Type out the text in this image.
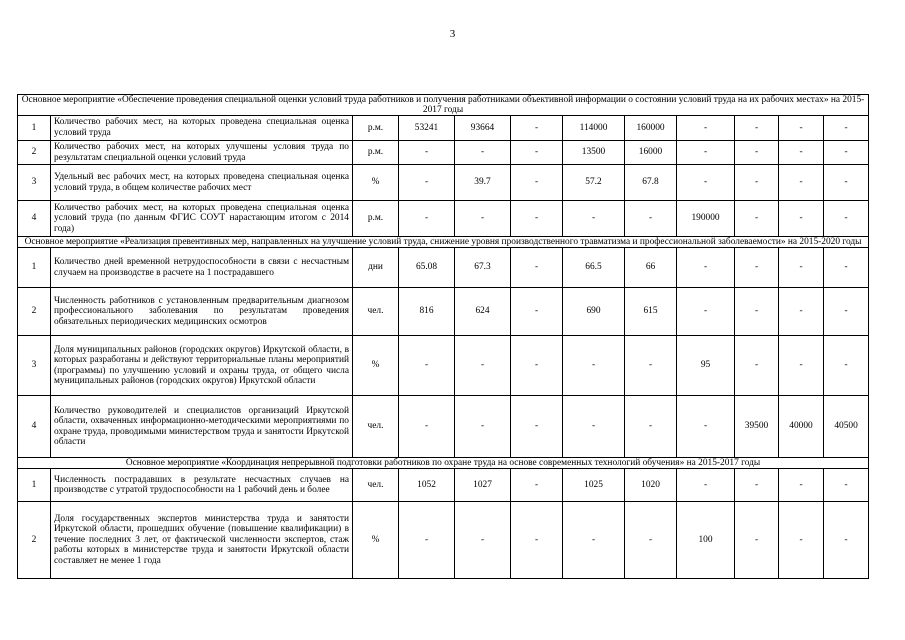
3
Основное мероприятие «Обеспечение проведения специальной оценки условий труда работников и получения работниками объективной информации о состоянии условий труда на их рабочих местах» на 2015-2017 годы											
1	Количество рабочих мест, на которых проведена специальная оценка условий труда	р.м.	53241	93664	-	114000	160000	-	-	-	-
2	Количество рабочих мест, на которых улучшены условия труда по результатам специальной оценки условий труда	р.м.	-	-	-	13500	16000	-	-	-	-
3	Удельный вес рабочих мест, на которых проведена специальная оценка условий труда, в общем количестве рабочих мест	%	-	39.7	-	57.2	67.8	-	-	-	-
4	Количество рабочих мест, на которых проведена специальная оценка условий труда (по данным ФГИС СОУТ нарастающим итогом с 2014 года)	р.м.	-	-	-	-	-	190000	-	-	-
Основное мероприятие «Реализация превентивных мер, направленных на улучшение условий труда, снижение уровня производственного травматизма и профессиональной заболеваемости» на 2015-2020 годы											
1	Количество дней временной нетрудоспособности в связи с несчастным случаем на производстве в расчете на 1 пострадавшего	дни	65.08	67.3	-	66.5	66	-	-	-	-
2	Численность работников с установленным предварительным диагнозом профессионального заболевания по результатам проведения обязательных периодических медицинских осмотров	чел.	816	624	-	690	615	-	-	-	-
3	Доля муниципальных районов (городских округов) Иркутской области, в которых разработаны и действуют территориальные планы мероприятий (программы) по улучшению условий и охраны труда, от общего числа муниципальных районов (городских округов) Иркутской области	%	-	-	-	-	-	95	-	-	-
4	Количество руководителей и специалистов организаций Иркутской области, охваченных информационно-методическими мероприятиями по охране труда, проводимыми министерством труда и занятости Иркутской области	чел.	-	-	-	-	-	-	39500	40000	40500
Основное мероприятие «Координация непрерывной подготовки работников по охране труда на основе современных технологий обучения» на 2015-2017 годы											
1	Численность пострадавших в результате несчастных случаев на производстве с утратой трудоспособности на 1 рабочий день и более	чел.	1052	1027	-	1025	1020	-	-	-	-
2	Доля государственных экспертов министерства труда и занятости Иркутской области, прошедших обучение (повышение квалификации) в течение последних 3 лет, от фактической численности экспертов, стаж работы которых в министерстве труда и занятости Иркутской области составляет не менее 1 года	%	-	-	-	-	-	100	-	-	-
